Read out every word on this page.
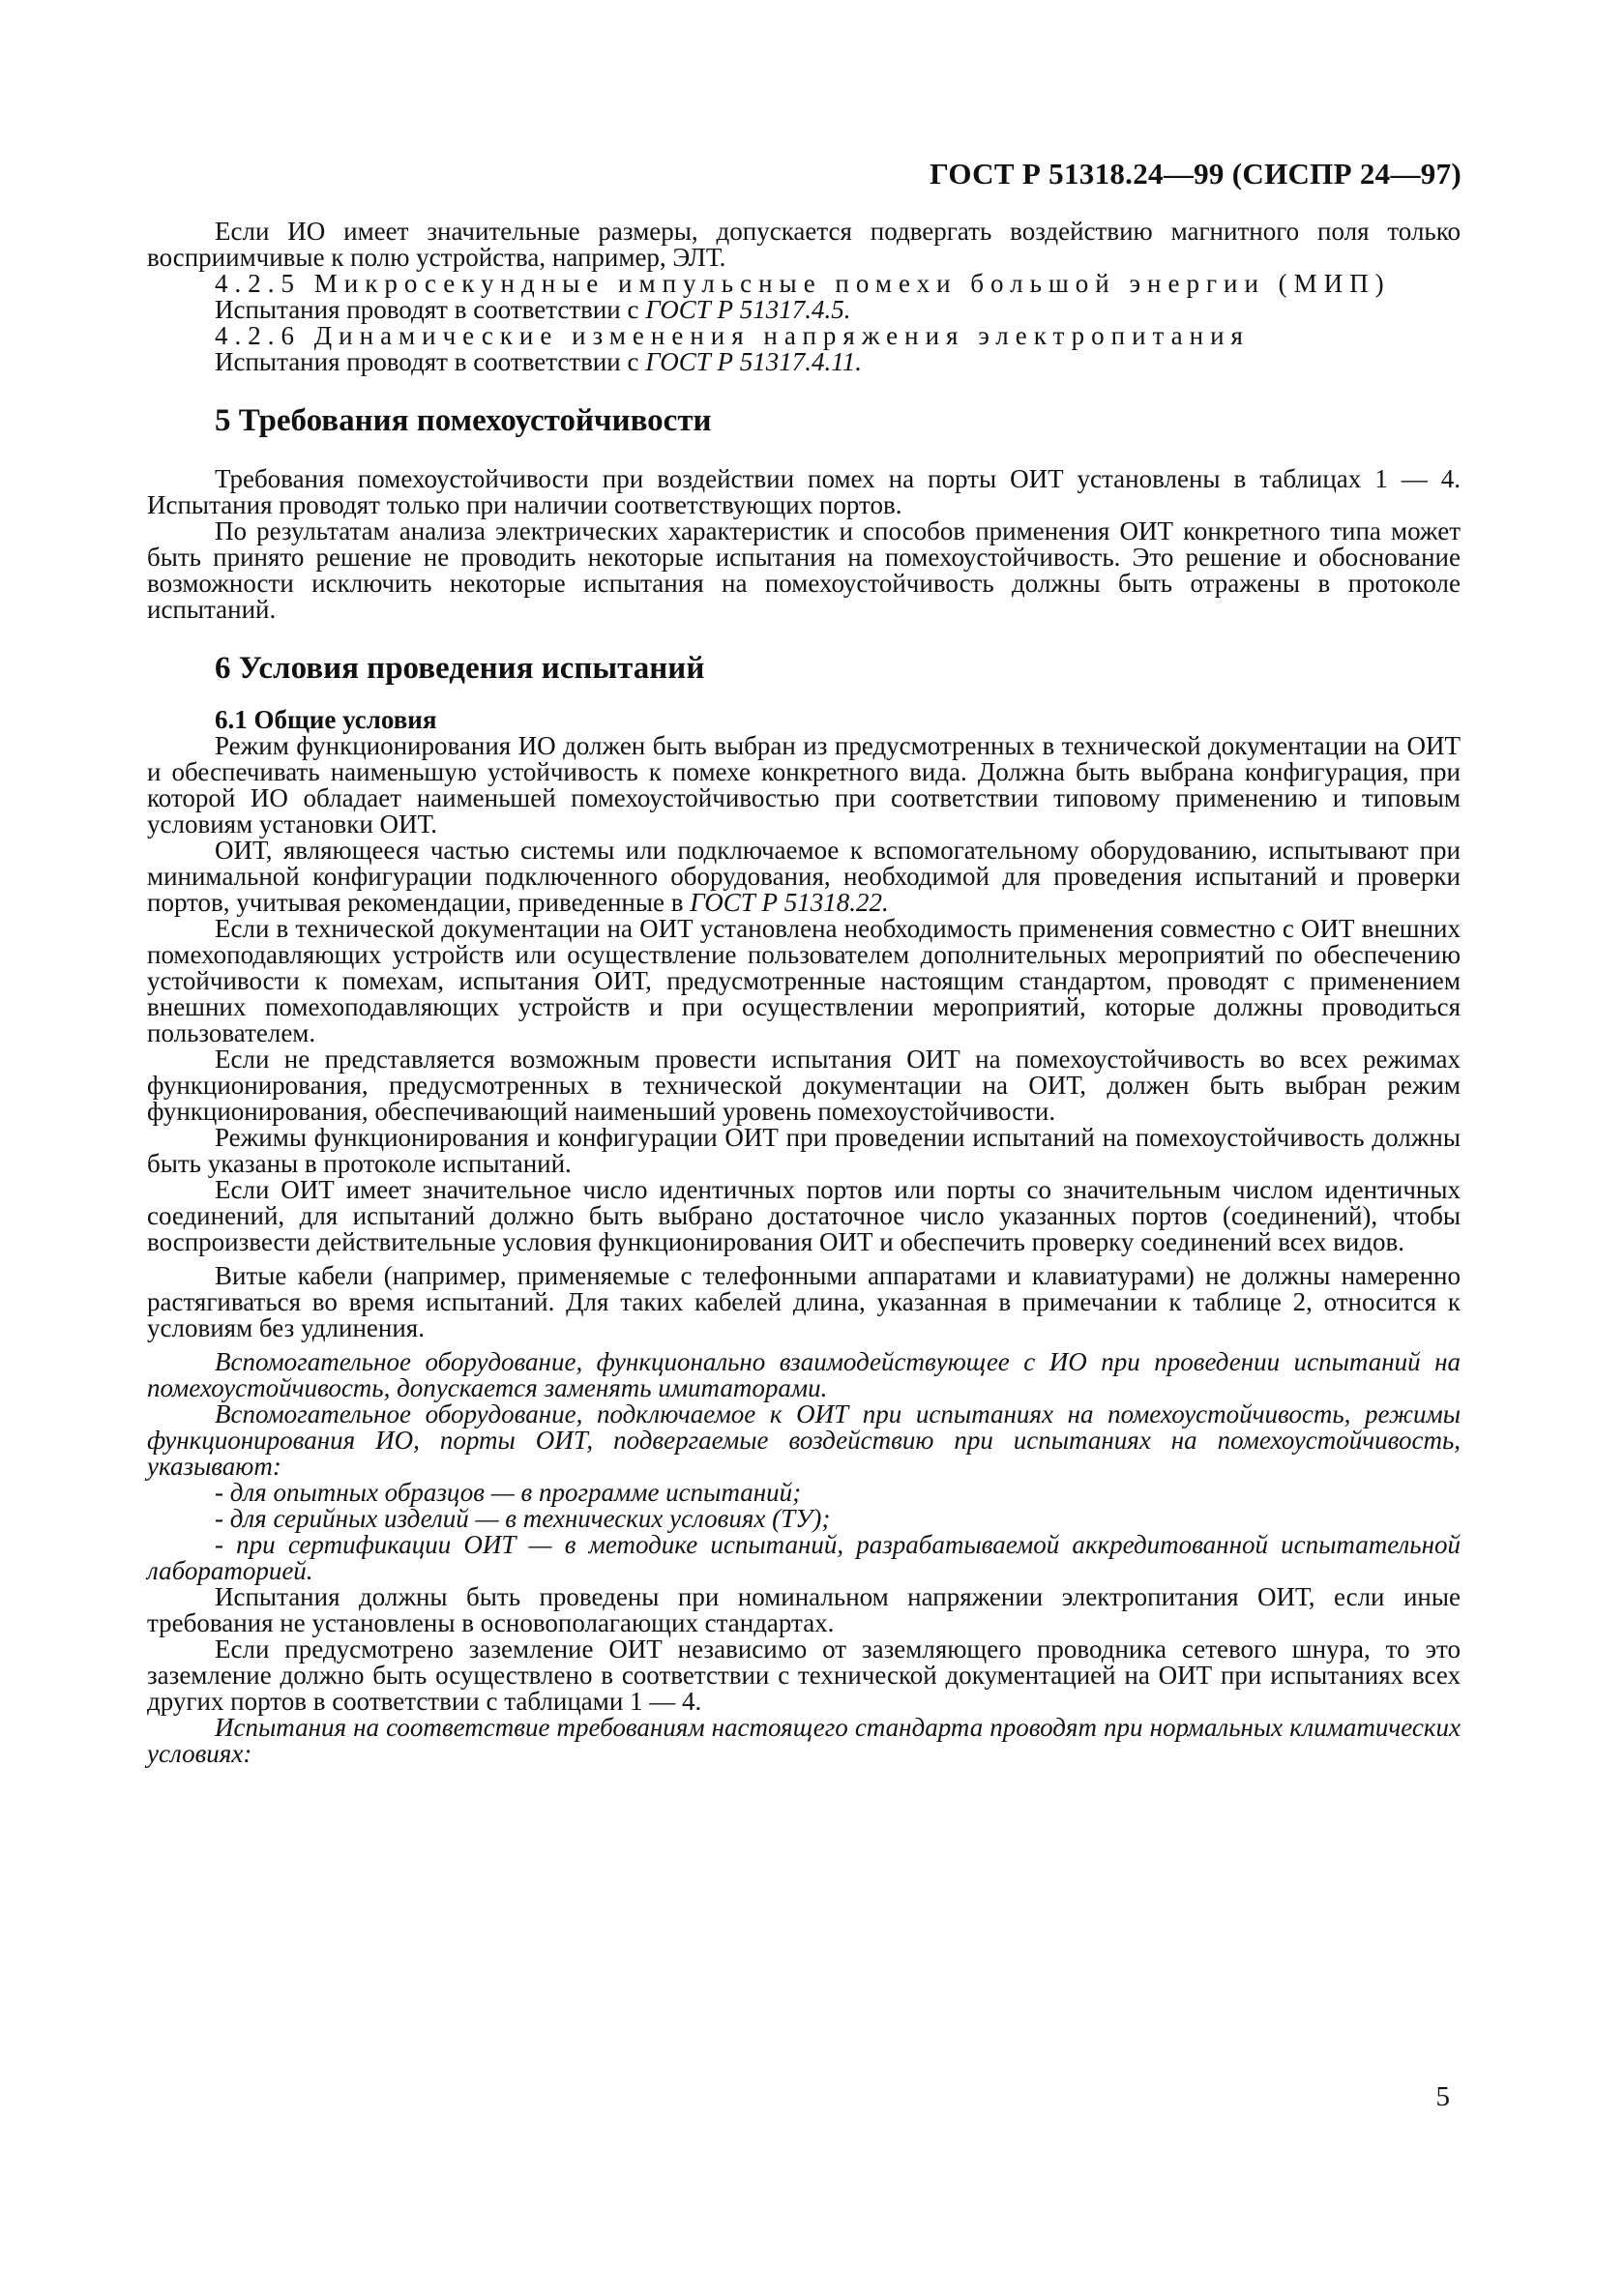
ГОСТ Р 51318.24—99 (СИСПР 24—97)

Если ИО имеет значительные размеры, допускается подвергать воздействию магнитного поля только восприимчивые к полю устройства, например, ЭЛТ.

4.2.5 Микросекундные импульсные помехи большой энергии (МИП)

Испытания проводят в соответствии с ГОСТ Р 51317.4.5.

4.2.6 Динамические изменения напряжения электропитания

Испытания проводят в соответствии с ГОСТ Р 51317.4.11.

5 Требования помехоустойчивости

Требования помехоустойчивости при воздействии помех на порты ОИТ установлены в таблицах 1 — 4. Испытания проводят только при наличии соответствующих портов.

По результатам анализа электрических характеристик и способов применения ОИТ конкретного типа может быть принято решение не проводить некоторые испытания на помехоустойчивость. Это решение и обоснование возможности исключить некоторые испытания на помехоустойчивость должны быть отражены в протоколе испытаний.

6 Условия проведения испытаний
6.1 Общие условия

Режим функционирования ИО должен быть выбран из предусмотренных в технической документации на ОИТ и обеспечивать наименьшую устойчивость к помехе конкретного вида. Должна быть выбрана конфигурация, при которой ИО обладает наименьшей помехоустойчивостью при соответствии типовому применению и типовым условиям установки ОИТ.

ОИТ, являющееся частью системы или подключаемое к вспомогательному оборудованию, испытывают при минимальной конфигурации подключенного оборудования, необходимой для проведения испытаний и проверки портов, учитывая рекомендации, приведенные в ГОСТ Р 51318.22.

Если в технической документации на ОИТ установлена необходимость применения совместно с ОИТ внешних помехоподавляющих устройств или осуществление пользователем дополнительных мероприятий по обеспечению устойчивости к помехам, испытания ОИТ, предусмотренные настоящим стандартом, проводят с применением внешних помехоподавляющих устройств и при осуществлении мероприятий, которые должны проводиться пользователем.

Если не представляется возможным провести испытания ОИТ на помехоустойчивость во всех режимах функционирования, предусмотренных в технической документации на ОИТ, должен быть выбран режим функционирования, обеспечивающий наименьший уровень помехоустойчивости.

Режимы функционирования и конфигурации ОИТ при проведении испытаний на помехоустойчивость должны быть указаны в протоколе испытаний.

Если ОИТ имеет значительное число идентичных портов или порты со значительным числом идентичных соединений, для испытаний должно быть выбрано достаточное число указанных портов (соединений), чтобы воспроизвести действительные условия функционирования ОИТ и обеспечить проверку соединений всех видов.

Витые кабели (например, применяемые с телефонными аппаратами и клавиатурами) не должны намеренно растягиваться во время испытаний. Для таких кабелей длина, указанная в примечании к таблице 2, относится к условиям без удлинения.

Вспомогательное оборудование, функционально взаимодействующее с ИО при проведении испытаний на помехоустойчивость, допускается заменять имитаторами.

Вспомогательное оборудование, подключаемое к ОИТ при испытаниях на помехоустойчивость, режимы функционирования ИО, порты ОИТ, подвергаемые воздействию при испытаниях на помехоустойчивость, указывают:

- для опытных образцов — в программе испытаний;

- для серийных изделий — в технических условиях (ТУ);

- при сертификации ОИТ — в методике испытаний, разрабатываемой аккредитованной испытательной лабораторией.

Испытания должны быть проведены при номинальном напряжении электропитания ОИТ, если иные требования не установлены в основополагающих стандартах.

Если предусмотрено заземление ОИТ независимо от заземляющего проводника сетевого шнура, то это заземление должно быть осуществлено в соответствии с технической документацией на ОИТ при испытаниях всех других портов в соответствии с таблицами 1 — 4.

Испытания на соответствие требованиям настоящего стандарта проводят при нормальных климатических условиях:

5
